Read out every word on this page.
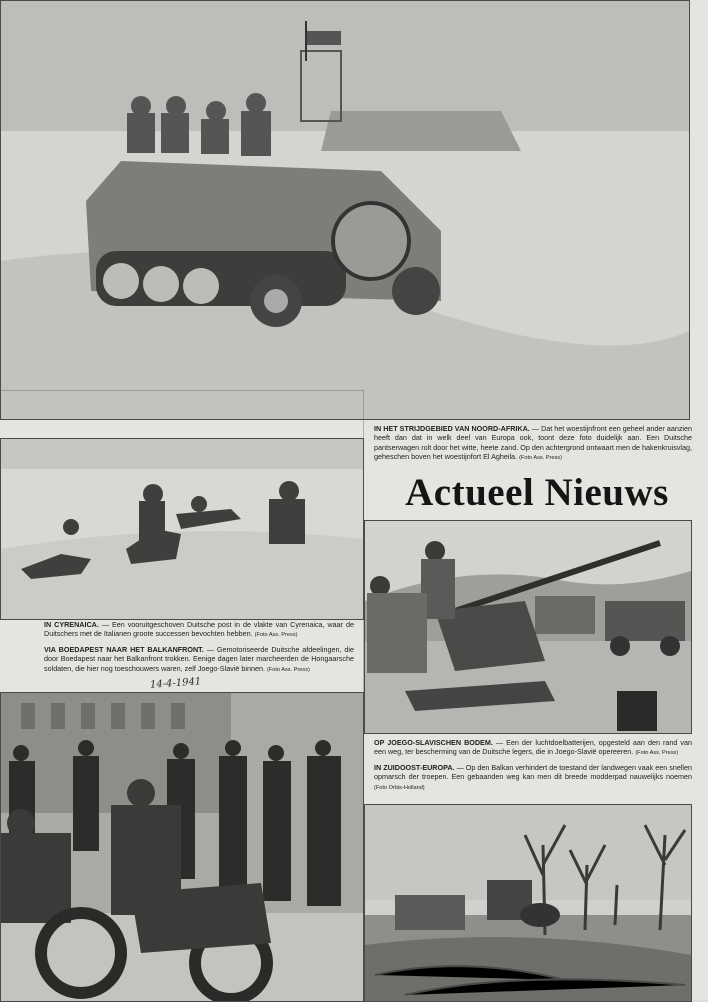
IN HET STRIJDGEBIED VAN NOORD-AFRIKA. — Dat het woestijnfront een geheel ander aanzien heeft dan dat in welk deel van Europa ook, toont deze foto duidelijk aan. Een Duitsche pantserwagen rolt door het witte, heete zand. Op den achtergrond ontwaart men de hakenkruisvlag, geheschen boven het woestijnfort El Agheila. (Foto Ass. Press)
Actueel Nieuws

IN CYRENAICA. — Een vooruitgeschoven Duitsche post in de vlakte van Cyrenaica, waar de Duitschers met de Italianen groote successen bevochten hebben. (Foto Ass. Press)

VIA BOEDAPEST NAAR HET BALKANFRONT. — Gemotoriseerde Duitsche afdeelingen, die door Boedapest naar het Balkanfront trokken. Eenige dagen later marcheerden de Hongaarsche soldaten, die hier nog toeschouwers waren, zelf Joego-Slavië binnen. (Foto Ass. Press)

14-4-1941

OP JOEGO-SLAVISCHEN BODEM. — Een der luchtdoelbatterijen, opgesteld aan den rand van een weg, ter bescherming van de Duitsche legers, die in Joego-Slavië opereeren. (Foto Ass. Press)

IN ZUIDOOST-EUROPA. — Op den Balkan verhindert de toestand der landwegen vaak een snellen opmarsch der troepen. Een gebaanden weg kan men dit breede modderpad nauwelijks noemen (Foto Orbis-Holland)
